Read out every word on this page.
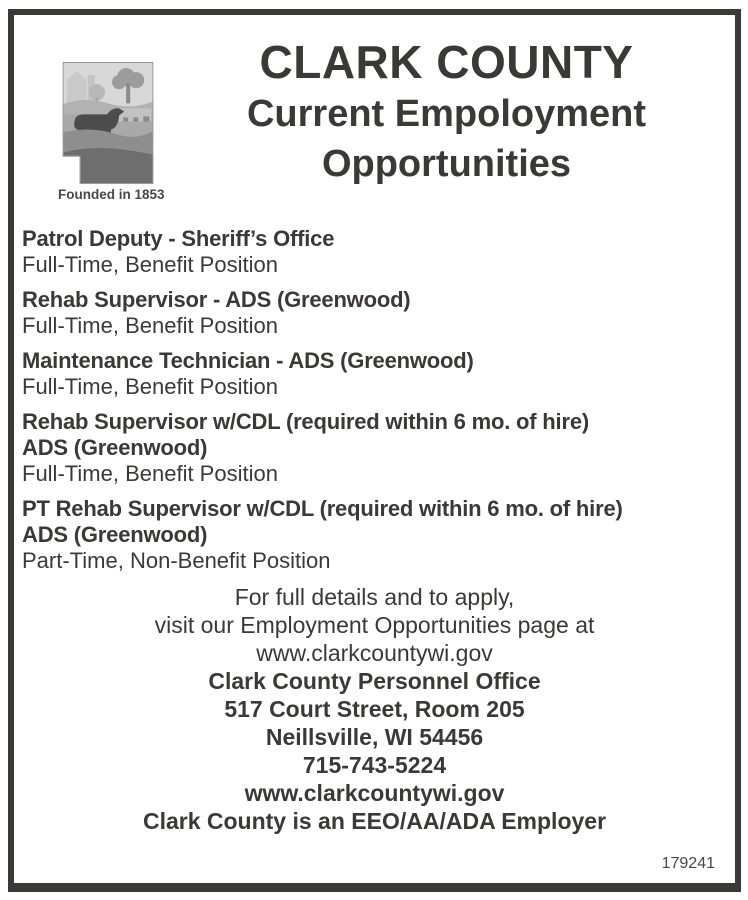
Founded in 1853
CLARK COUNTY
Current Empoloyment
Opportunities
Patrol Deputy - Sheriff’s Office
Full-Time, Benefit Position
Rehab Supervisor - ADS (Greenwood)
Full-Time, Benefit Position
Maintenance Technician - ADS (Greenwood)
Full-Time, Benefit Position
Rehab Supervisor w/CDL (required within 6 mo. of hire)
ADS (Greenwood)
Full-Time, Benefit Position
PT Rehab Supervisor w/CDL (required within 6 mo. of hire)
ADS (Greenwood)
Part-Time, Non-Benefit Position
For full details and to apply,
visit our Employment Opportunities page at
www.clarkcountywi.gov
Clark County Personnel Office
517 Court Street, Room 205
Neillsville, WI 54456
715-743-5224
www.clarkcountywi.gov
Clark County is an EEO/AA/ADA Employer
179241
